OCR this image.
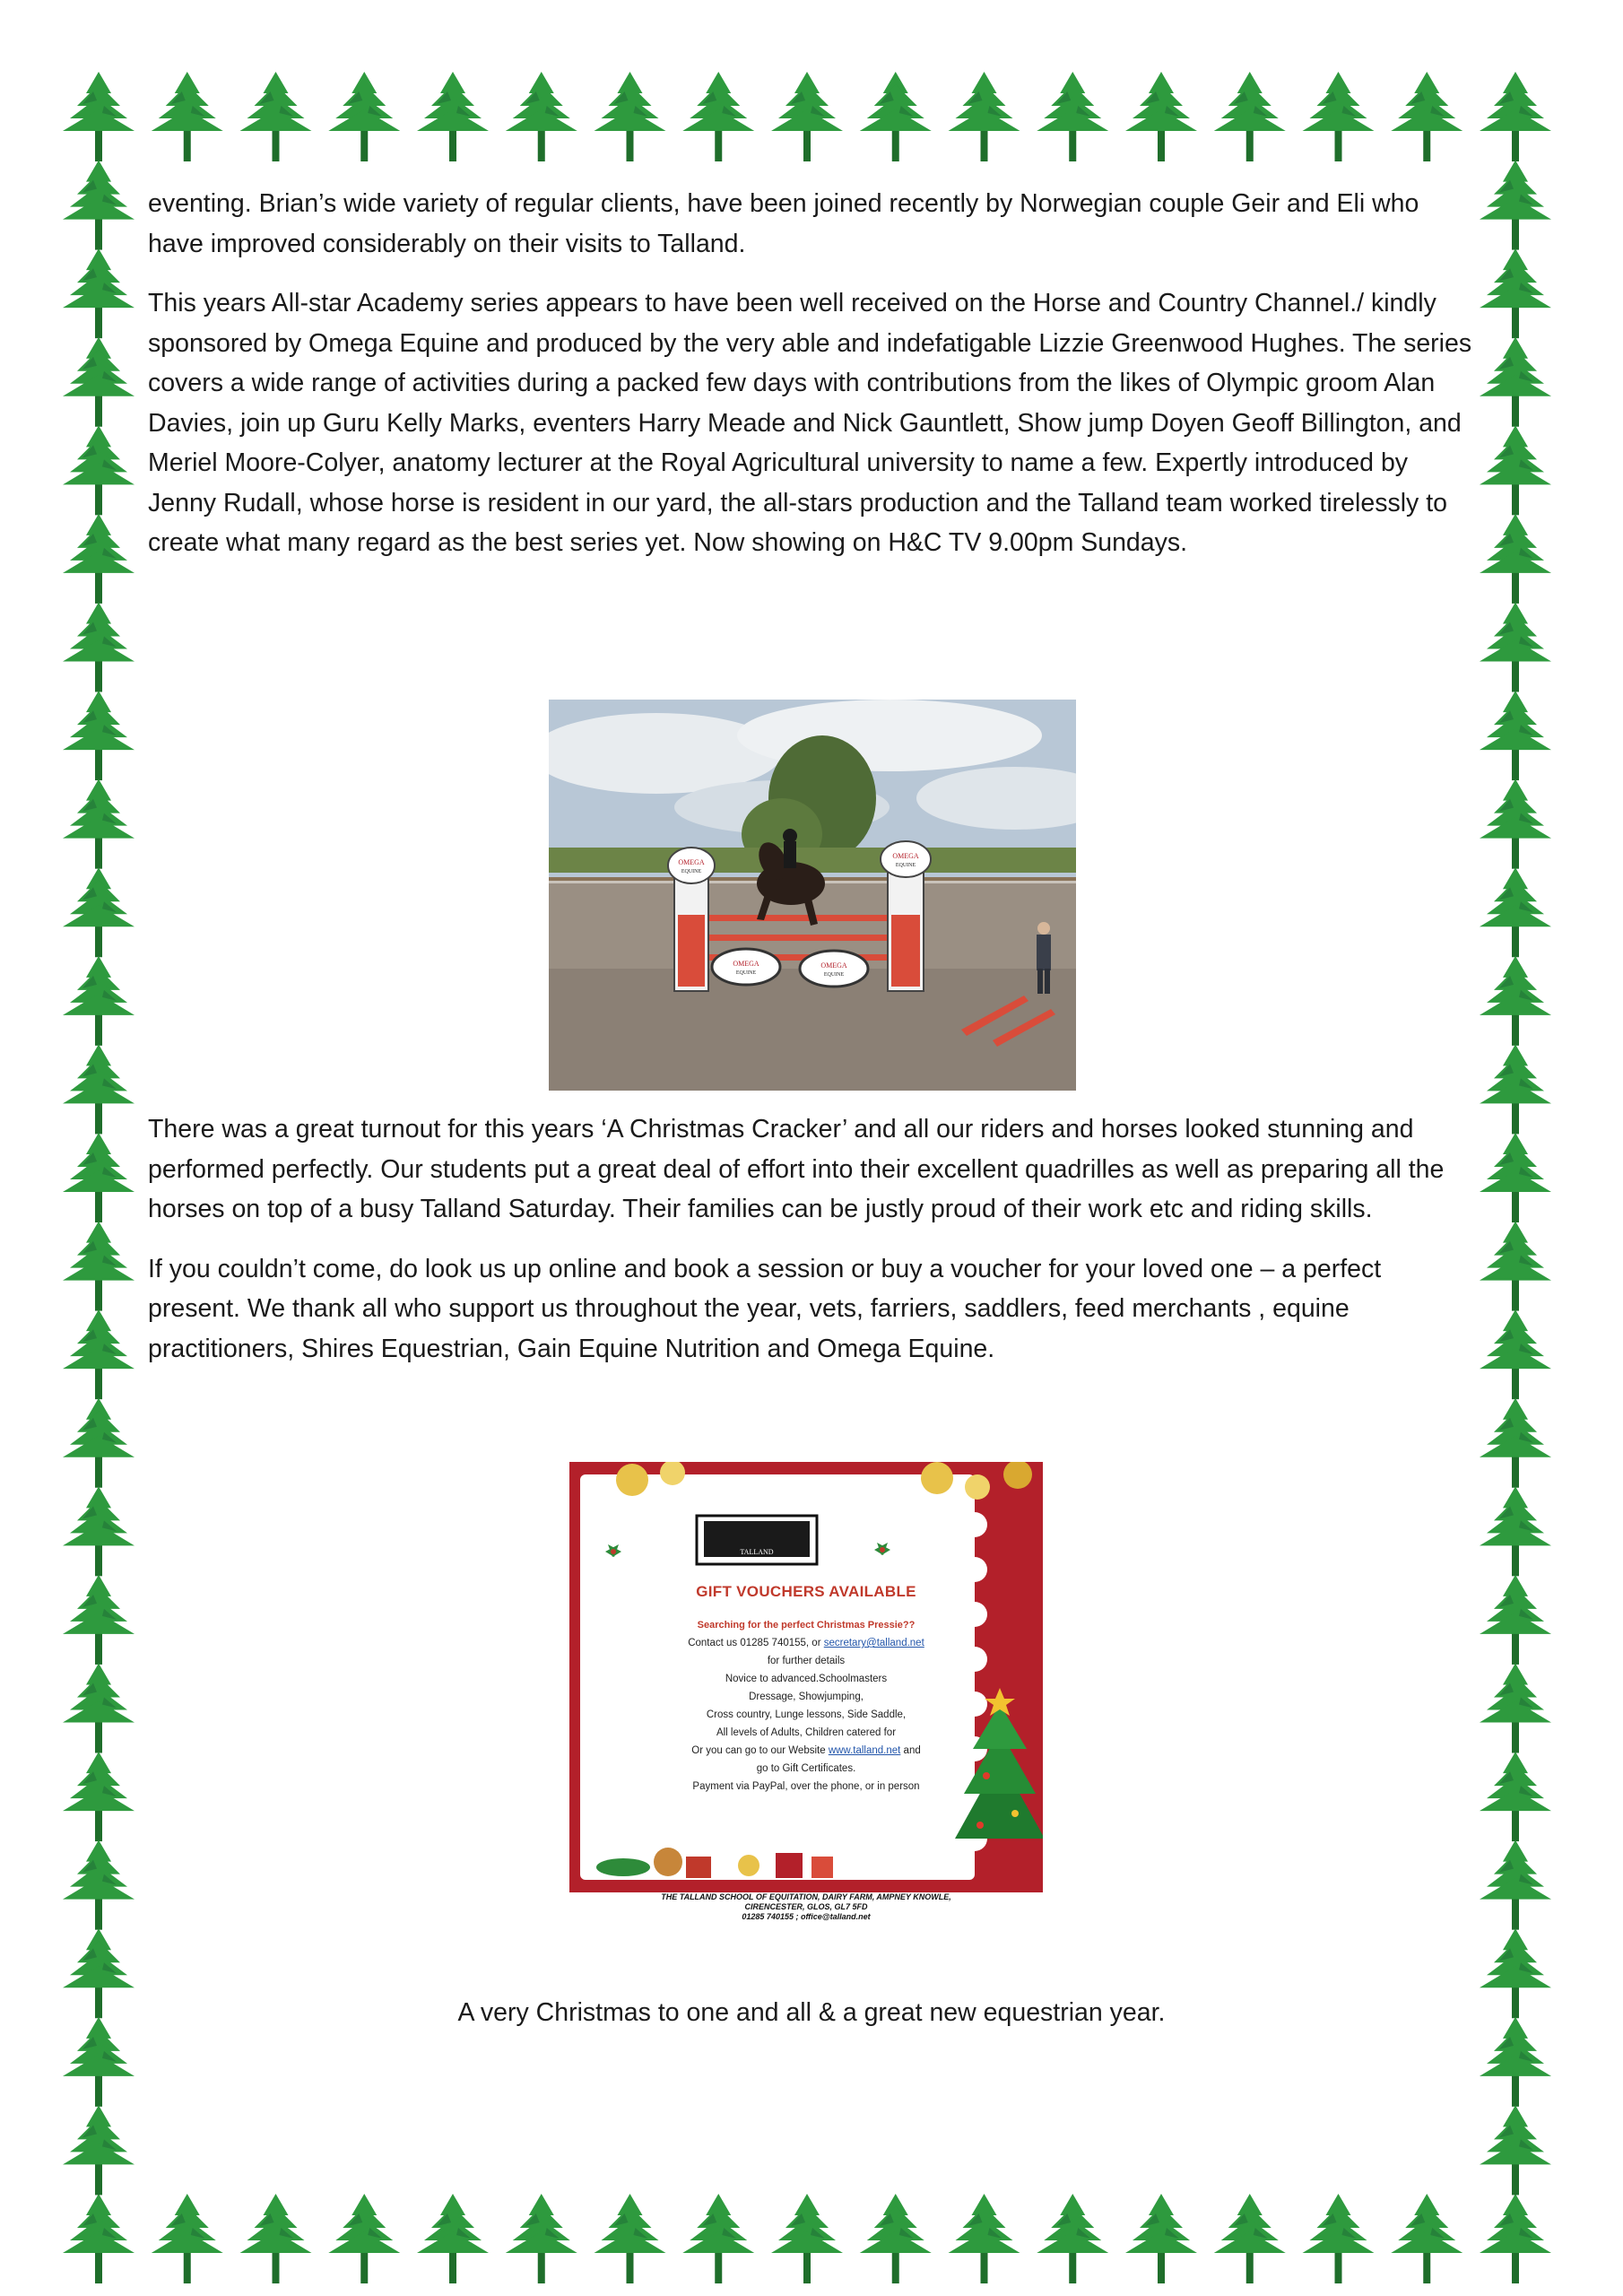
eventing. Brian’s wide variety of regular clients, have been joined recently by Norwegian couple Geir and Eli who have improved considerably on their visits to Talland.

This years All-star Academy series appears to have been well received on the Horse and Country Channel./ kindly sponsored by Omega Equine and produced by the very able and indefatigable Lizzie Greenwood Hughes. The series covers a wide range of activities during a packed few days with contributions from the likes of Olympic groom Alan Davies, join up Guru Kelly Marks, eventers Harry Meade and Nick Gauntlett, Show jump Doyen Geoff Billington, and Meriel Moore-Colyer, anatomy lecturer at the Royal Agricultural university to name a few. Expertly introduced by Jenny Rudall, whose horse is resident in our yard, the all-stars production and the Talland team worked tirelessly to create what many regard as the best series yet. Now showing on H&C TV 9.00pm Sundays.

OMEGA
EQUINE
OMEGA
EQUINE
OMEGA
EQUINE
OMEGA
EQUINE

There was a great turnout for this years ‘A Christmas Cracker’ and all our riders and horses looked stunning and performed perfectly. Our students put a great deal of effort into their excellent quadrilles as well as preparing all the horses on top of a busy Talland Saturday. Their families can be justly proud of their work etc and riding skills.

If you couldn’t come, do look us up online and book a session or buy a voucher for your loved one – a perfect present. We thank all who support us throughout the year, vets, farriers, saddlers, feed merchants , equine practitioners, Shires Equestrian, Gain Equine Nutrition and Omega Equine.

TALLAND
GIFT VOUCHERS AVAILABLE
Searching for the perfect Christmas Pressie??
Contact us 01285 740155, or secretary@talland.net
for further details
Novice to advanced.Schoolmasters
Dressage, Showjumping,
Cross country, Lunge lessons, Side Saddle,
All levels of Adults, Children catered for
Or you can go to our Website www.talland.net and
go to Gift Certificates.
Payment via PayPal, over the phone, or in person
THE TALLAND SCHOOL OF EQUITATION, DAIRY FARM, AMPNEY KNOWLE,
CIRENCESTER, GLOS, GL7 5FD
01285 740155 ; office@talland.net
A very Christmas to one and all & a great new equestrian year.
